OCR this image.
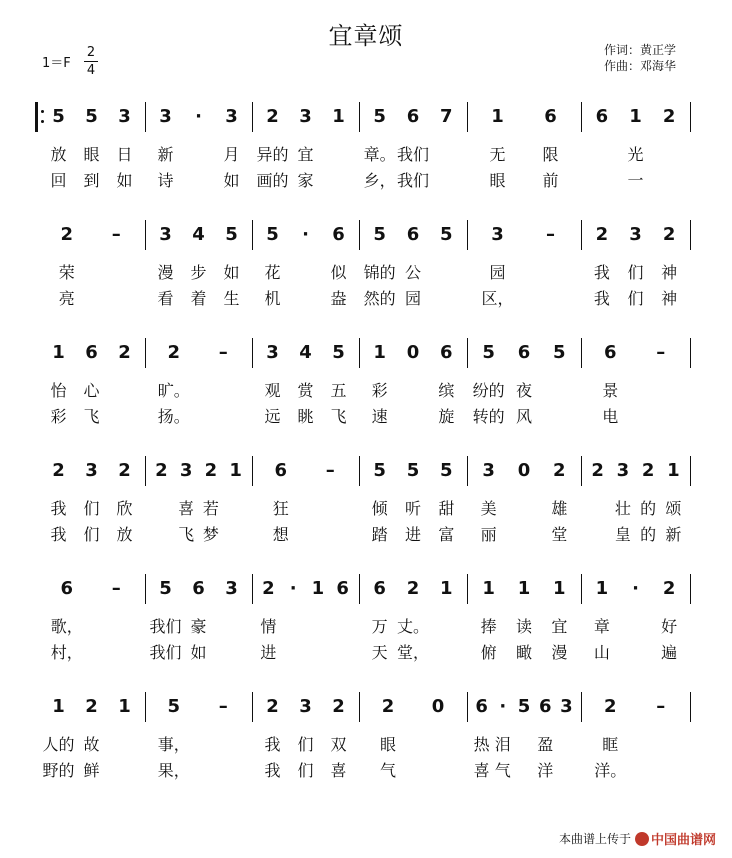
宜章颂
$1=F \frac{2}{4}$	作词：黄正学
作曲：邓海华
5	5	3
放	眼	日
回	到	如
3	·	3
新	月
诗	如
2	3	1
异的 宜
画的 家
5	6	7
章。 我们
乡， 我们
1	6
无	限
眼	前
6	1	2
光
一
2	–
荣
亮
3	4	5
漫	步	如
看	着	生
5	·	6
花	似
机	盎
5	6	5
锦的 公
然的 园
3	–
园
区，
2	3	2
我	们	神
我	们	神
1	6	2
怡	心
彩	飞
2	–
旷。
扬。
3	4	5
观	赏	五
远	眺	飞
1	0	6
彩	缤
速	旋
5	6	5
纷的 夜
转的 风
6	–
景
电
2	3	2
我	们	欣
我	们	放
2 3 2 1
喜 若
飞 梦
6	–
狂
想
5	5	5
倾	听	甜
踏	进	富
3	0	2
美	雄
丽	堂
2 3 2 1
壮 的 颂
皇 的 新
6	–
歌，
村，
5	6	3
我们 豪
我们 如
2 · 1 6
情
进
6	2	1
万 丈。
天 堂，
1	1	1
捧	读	宜
俯	瞰	漫
1	·	2
章	好
山	遍
1	2	1
人的 故
野的 鲜
5	–
事，
果，
2	3	2
我	们	双
我	们	喜
2	0
眼
气
6 · 5 6 3
热 泪 盈
喜 气 洋
2	–
眶
洋。
本曲谱上传于 中国曲谱网
